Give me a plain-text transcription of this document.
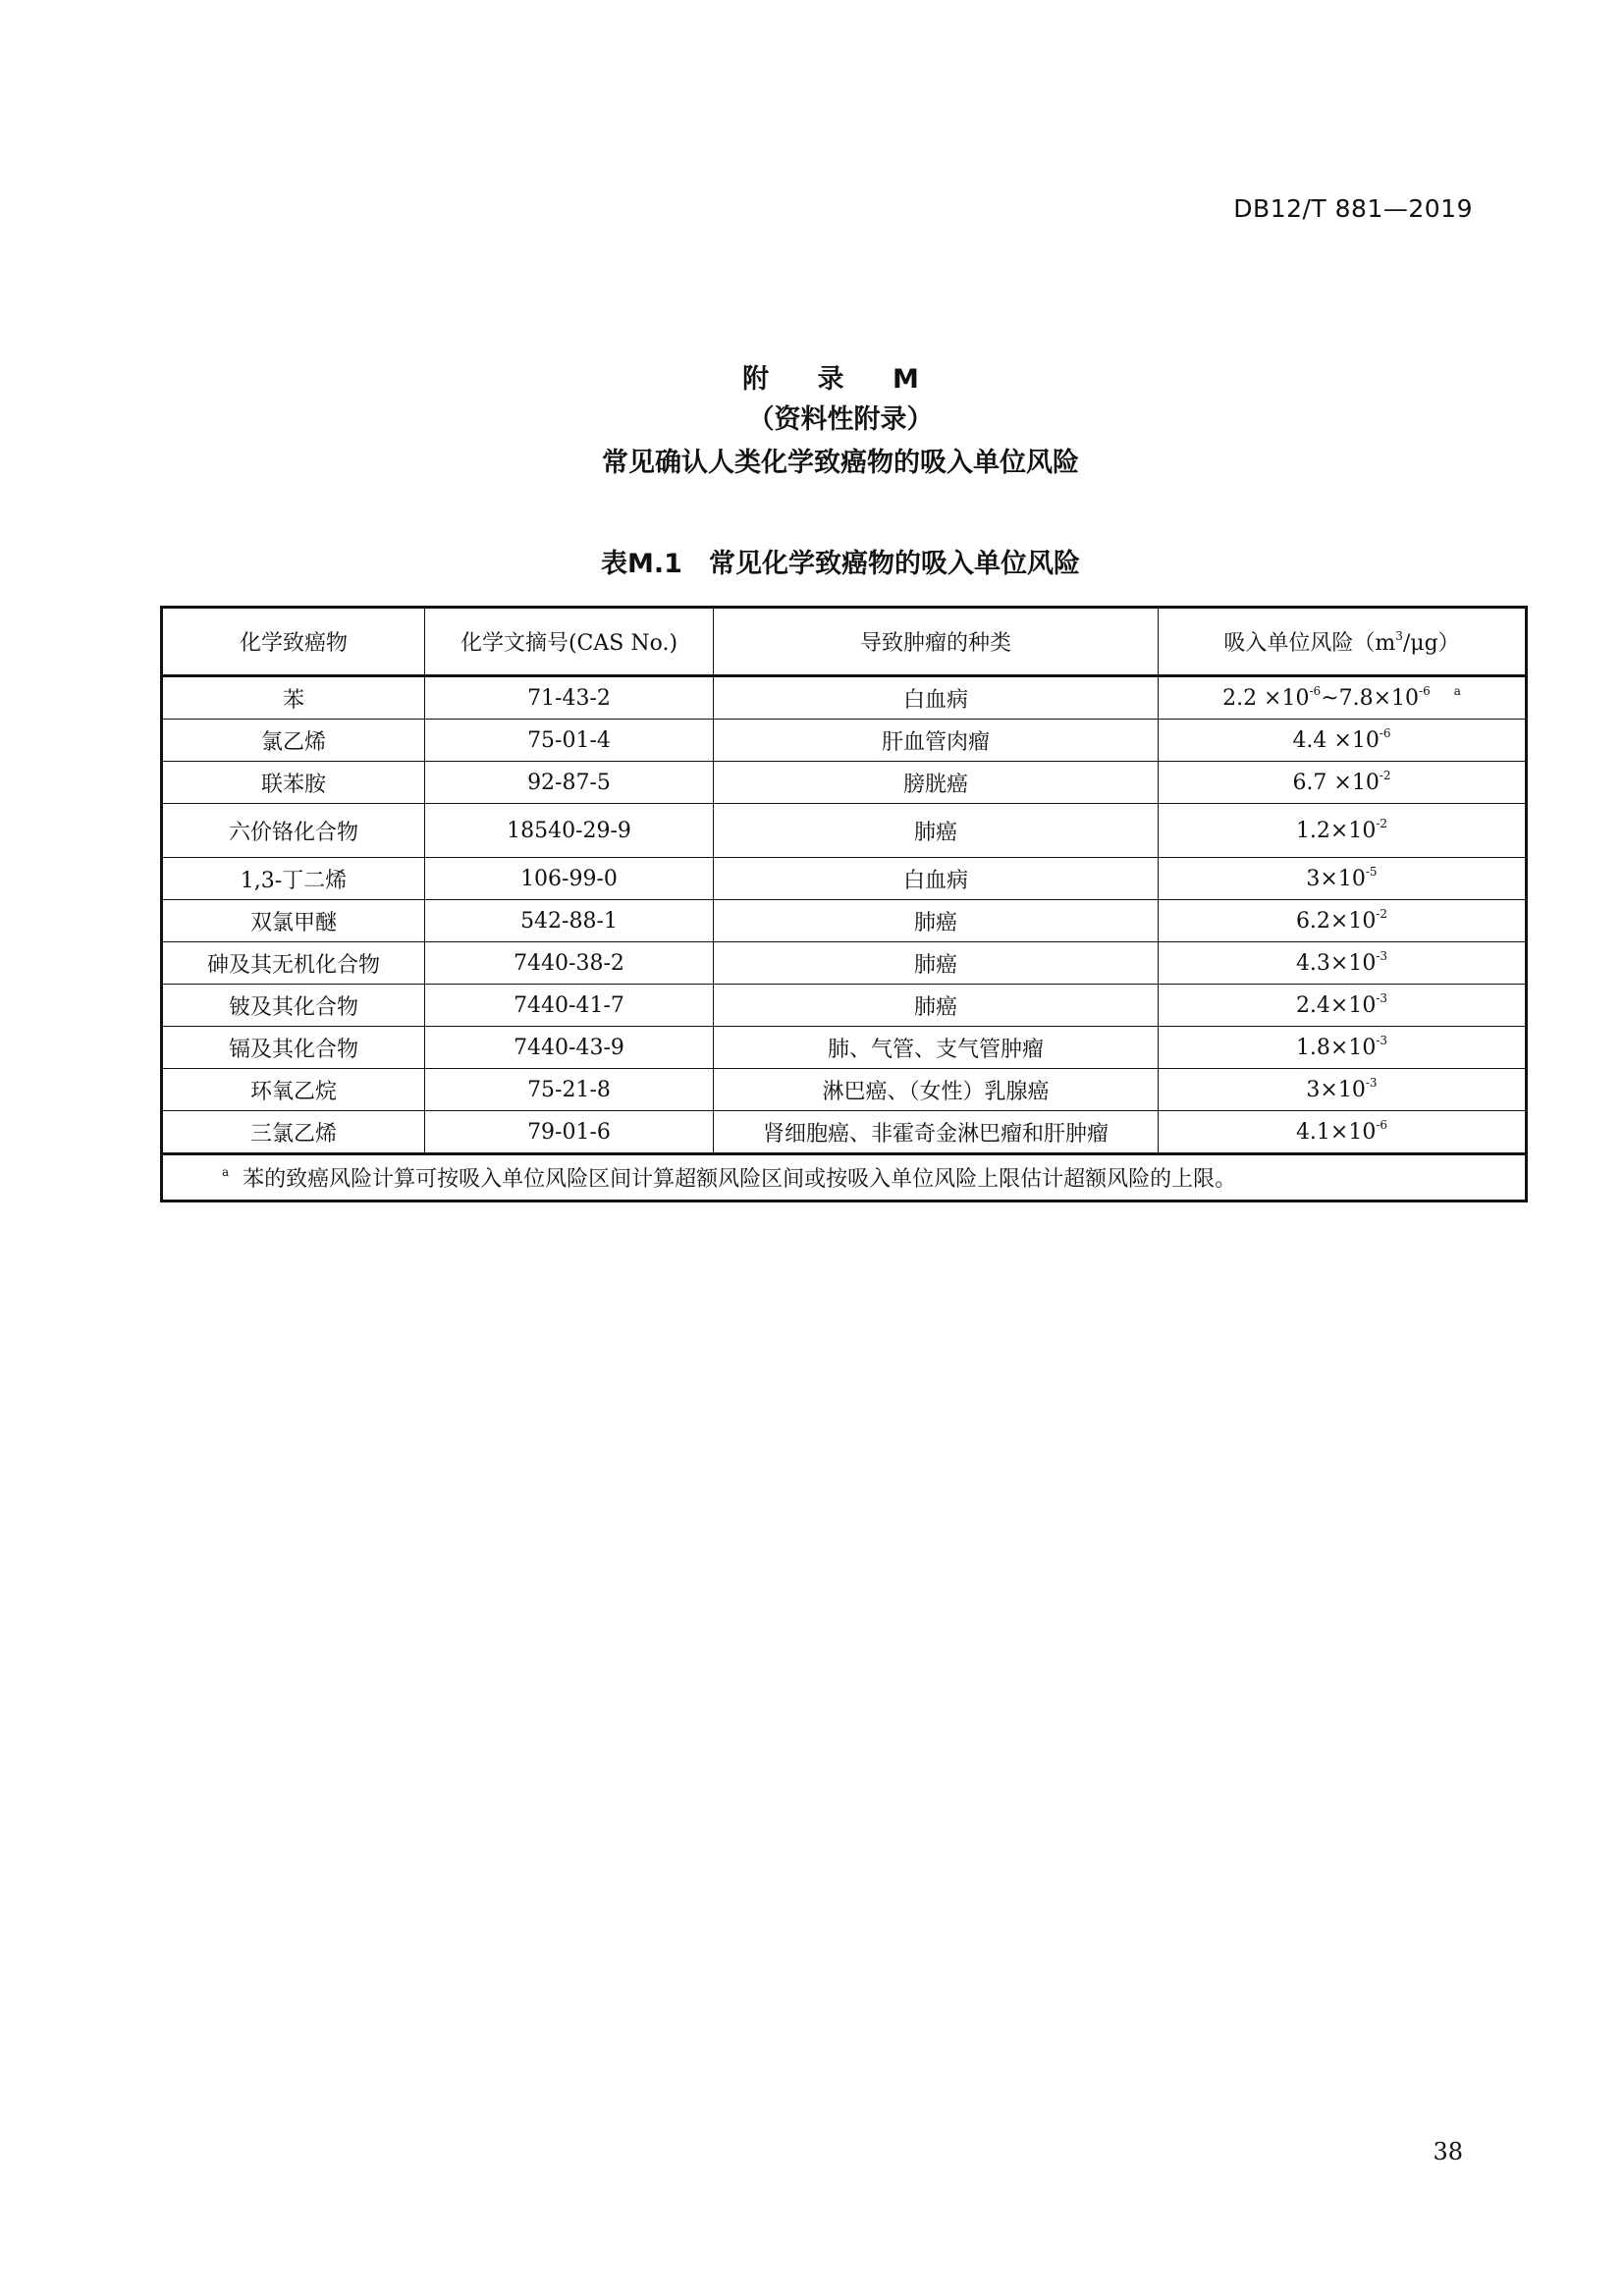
DB12/T 881—2019
附 录 M
（资料性附录）
常见确认人类化学致癌物的吸入单位风险
表M.1　常见化学致癌物的吸入单位风险
化学致癌物	化学文摘号(CAS No.)	导致肿瘤的种类	吸入单位风险$(m^3/\mu g)$
苯	71-43-2	白血病	$2.2 \times 10^{-6}\sim 7.8\times 10^{-6}$ $^a$
氯乙烯	75-01-4	肝血管肉瘤	$4.4 \times 10^{-6}$
联苯胺	92-87-5	膀胱癌	$6.7 \times 10^{-2}$
六价铬化合物	18540-29-9	肺癌	$1.2\times 10^{-2}$
1,3-丁二烯	106-99-0	白血病	$3\times 10^{-5}$
双氯甲醚	542-88-1	肺癌	$6.2\times 10^{-2}$
砷及其无机化合物	7440-38-2	肺癌	$4.3\times 10^{-3}$
铍及其化合物	7440-41-7	肺癌	$2.4\times 10^{-3}$
镉及其化合物	7440-43-9	肺、气管、支气管肿瘤	$1.8\times 10^{-3}$
环氧乙烷	75-21-8	淋巴癌、（女性）乳腺癌	$3\times 10^{-3}$
三氯乙烯	79-01-6	肾细胞癌、非霍奇金淋巴瘤和肝肿瘤	$4.1\times 10^{-6}$
$^a$ 苯的致癌风险计算可按吸入单位风险区间计算超额风险区间或按吸入单位风险上限估计超额风险的上限。			
38
